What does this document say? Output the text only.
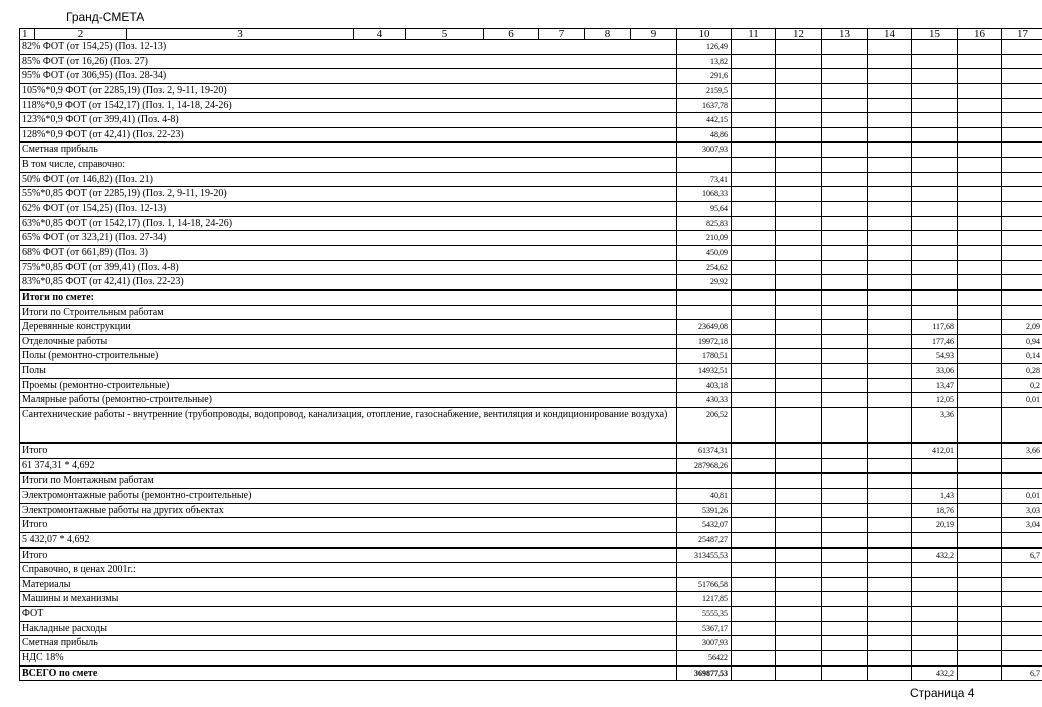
Гранд-СМЕТА
1	2	3	4	5	6	7	8	9	10	11	12	13	14	15	16	17
82% ФОТ (от 154,25) (Поз. 12-13)									126,49							
85% ФОТ (от 16,26) (Поз. 27)									13,82							
95% ФОТ (от 306,95) (Поз. 28-34)									291,6							
105%*0,9 ФОТ (от 2285,19) (Поз. 2, 9-11, 19-20)									2159,5							
118%*0,9 ФОТ (от 1542,17) (Поз. 1, 14-18, 24-26)									1637,78							
123%*0,9 ФОТ (от 399,41) (Поз. 4-8)									442,15							
128%*0,9 ФОТ (от 42,41) (Поз. 22-23)									48,86							
Сметная прибыль									3007,93							
В том числе, справочно:																
50% ФОТ (от 146,82) (Поз. 21)									73,41							
55%*0,85 ФОТ (от 2285,19) (Поз. 2, 9-11, 19-20)									1068,33							
62% ФОТ (от 154,25) (Поз. 12-13)									95,64							
63%*0,85 ФОТ (от 1542,17) (Поз. 1, 14-18, 24-26)									825,83							
65% ФОТ (от 323,21) (Поз. 27-34)									210,09							
68% ФОТ (от 661,89) (Поз. 3)									450,09							
75%*0,85 ФОТ (от 399,41) (Поз. 4-8)									254,62							
83%*0,85 ФОТ (от 42,41) (Поз. 22-23)									29,92							
Итоги по смете:																
Итоги по Строительным работам																
Деревянные конструкции									23649,08					117,68		2,09
Отделочные работы									19972,18					177,46		0,94
Полы (ремонтно-строительные)									1780,51					54,93		0,14
Полы									14932,51					33,06		0,28
Проемы (ремонтно-строительные)									403,18					13,47		0,2
Малярные работы (ремонтно-строительные)									430,33					12,05		0,01
Сантехнические работы - внутренние (трубопроводы, водопровод, канализация, отопление, газоснабжение, вентиляция и кондиционирование воздуха)									206,52					3,36		
Итого									61374,31					412,01		3,66
61 374,31 * 4,692									287968,26							
Итоги по Монтажным работам																
Электромонтажные работы (ремонтно-строительные)									40,81					1,43		0,01
Электромонтажные работы на других объектах									5391,26					18,76		3,03
Итого									5432,07					20,19		3,04
5 432,07 * 4,692									25487,27							
Итого									313455,53					432,2		6,7
Справочно, в ценах 2001г.:																
Материалы									51766,58							
Машины и механизмы									1217,85							
ФОТ									5555,35							
Накладные расходы									5367,17							
Сметная прибыль									3007,93							
НДС 18%									56422							
ВСЕГО по смете									369877,53					432,2		6,7
Страница 4
